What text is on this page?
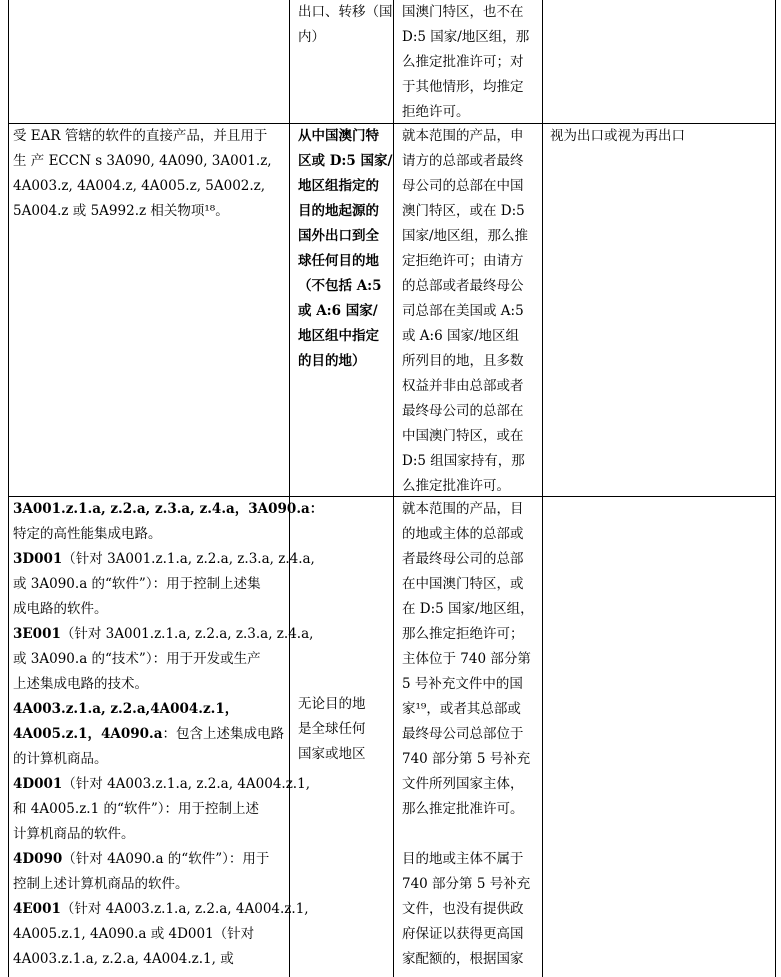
出口、转移（国
内）
国澳门特区，也不在
D:5 国家/地区组，那
么推定批准许可；对
于其他情形，均推定
拒绝许可。
受 EAR 管辖的软件的直接产品，并且用于
生 产 ECCN s 3A090, 4A090, 3A001.z,
4A003.z, 4A004.z, 4A005.z, 5A002.z,
5A004.z 或 5A992.z 相关物项¹⁸。
从中国澳门特
区或 D:5 国家/
地区组指定的
目的地起源的
国外出口到全
球任何目的地
（不包括 A:5
或 A:6 国家/
地区组中指定
的目的地）
就本范围的产品，申
请方的总部或者最终
母公司的总部在中国
澳门特区，或在 D:5
国家/地区组，那么推
定拒绝许可；由请方
的总部或者最终母公
司总部在美国或 A:5
或 A:6 国家/地区组
所列目的地，且多数
权益并非由总部或者
最终母公司的总部在
中国澳门特区，或在
D:5 组国家持有，那
么推定批准许可。
视为出口或视为再出口
3A001.z.1.a, z.2.a, z.3.a, z.4.a，3A090.a：
特定的高性能集成电路。
3D001（针对 3A001.z.1.a, z.2.a, z.3.a, z.4.a,
或 3A090.a 的“软件”）：用于控制上述集
成电路的软件。
3E001（针对 3A001.z.1.a, z.2.a, z.3.a, z.4.a,
或 3A090.a 的“技术”）：用于开发或生产
上述集成电路的技术。
4A003.z.1.a, z.2.a,4A004.z.1，
4A005.z.1，4A090.a：包含上述集成电路
的计算机商品。
4D001（针对 4A003.z.1.a, z.2.a, 4A004.z.1,
和 4A005.z.1 的“软件”）：用于控制上述
计算机商品的软件。
4D090（针对 4A090.a 的“软件”）：用于
控制上述计算机商品的软件。
4E001（针对 4A003.z.1.a, z.2.a, 4A004.z.1,
4A005.z.1, 4A090.a 或 4D001（针对
4A003.z.1.a, z.2.a, 4A004.z.1, 或
无论目的地
是全球任何
国家或地区
就本范围的产品，目
的地或主体的总部或
者最终母公司的总部
在中国澳门特区，或
在 D:5 国家/地区组，
那么推定拒绝许可；
主体位于 740 部分第
5 号补充文件中的国
家¹⁹，或者其总部或
最终母公司总部位于
740 部分第 5 号补充
文件所列国家主体，
那么推定批准许可。
目的地或主体不属于
740 部分第 5 号补充
文件，也没有提供政
府保证以获得更高国
家配额的，根据国家
